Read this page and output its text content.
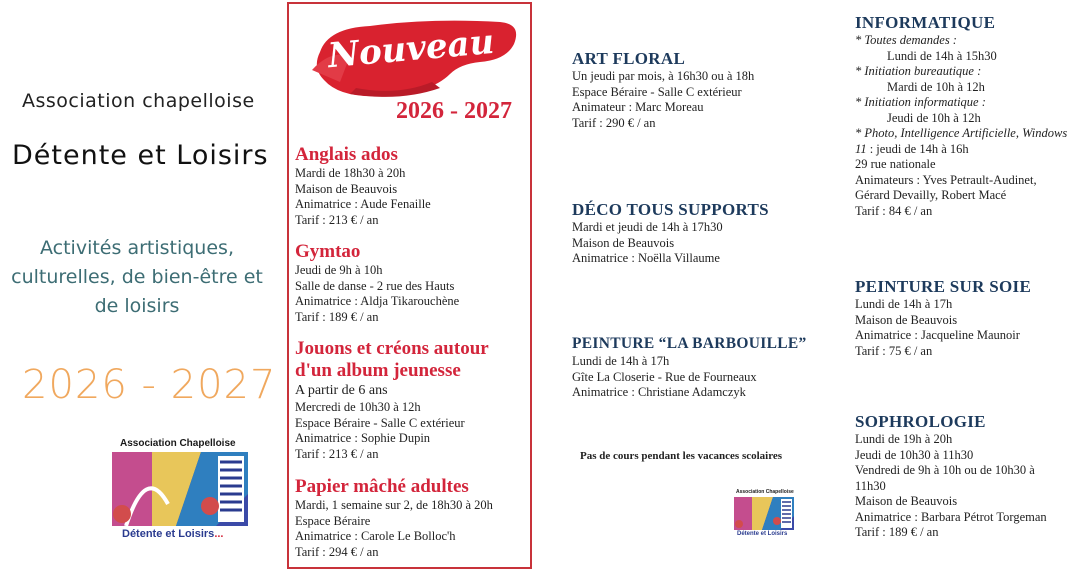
Association chapelloise
Détente et Loisirs
Activités artistiques,
culturelles, de bien-être et
de loisirs
2026 - 2027
Association Chapelloise
Détente et Loisirs...
Nouveau
2026 - 2027
Anglais ados
Mardi de 18h30 à 20h
Maison de Beauvois
Animatrice : Aude Fenaille
Tarif : 213 € / an
Gymtao
Jeudi de 9h à 10h
Salle de danse - 2 rue des Hauts
Animatrice : Aldja Tikarouchène
Tarif : 189 € / an
Jouons et créons autour
d'un album jeunesse
A partir de 6 ans
Mercredi de 10h30 à 12h
Espace Béraire - Salle C extérieur
Animatrice : Sophie Dupin
Tarif : 213 € / an
Papier mâché adultes
Mardi, 1 semaine sur 2, de 18h30 à 20h
Espace Béraire
Animatrice : Carole Le Bolloc'h
Tarif : 294 € / an
ART FLORAL
Un jeudi par mois, à 16h30 ou à 18h
Espace Béraire - Salle C extérieur
Animateur : Marc Moreau
Tarif : 290 € / an
DÉCO TOUS SUPPORTS
Mardi et jeudi de 14h à 17h30
Maison de Beauvois
Animatrice : Noëlla Villaume
PEINTURE “LA BARBOUILLE”
Lundi de 14h à 17h
Gîte La Closerie - Rue de Fourneaux
Animatrice : Christiane Adamczyk
Pas de cours pendant les vacances scolaires
Association Chapelloise
Détente et Loisirs
INFORMATIQUE
* Toutes demandes :
Lundi de 14h à 15h30
* Initiation bureautique :
Mardi de 10h à 12h
* Initiation informatique :
Jeudi de 10h à 12h
* Photo, Intelligence Artificielle, Windows
11 : jeudi de 14h à 16h
29 rue nationale
Animateurs : Yves Petrault-Audinet,
Gérard Devailly, Robert Macé
Tarif : 84 € / an
PEINTURE SUR SOIE
Lundi de 14h à 17h
Maison de Beauvois
Animatrice : Jacqueline Maunoir
Tarif : 75 € / an
SOPHROLOGIE
Lundi de 19h à 20h
Jeudi de 10h30 à 11h30
Vendredi de 9h à 10h ou de 10h30 à
11h30
Maison de Beauvois
Animatrice : Barbara Pétrot Torgeman
Tarif : 189 € / an
